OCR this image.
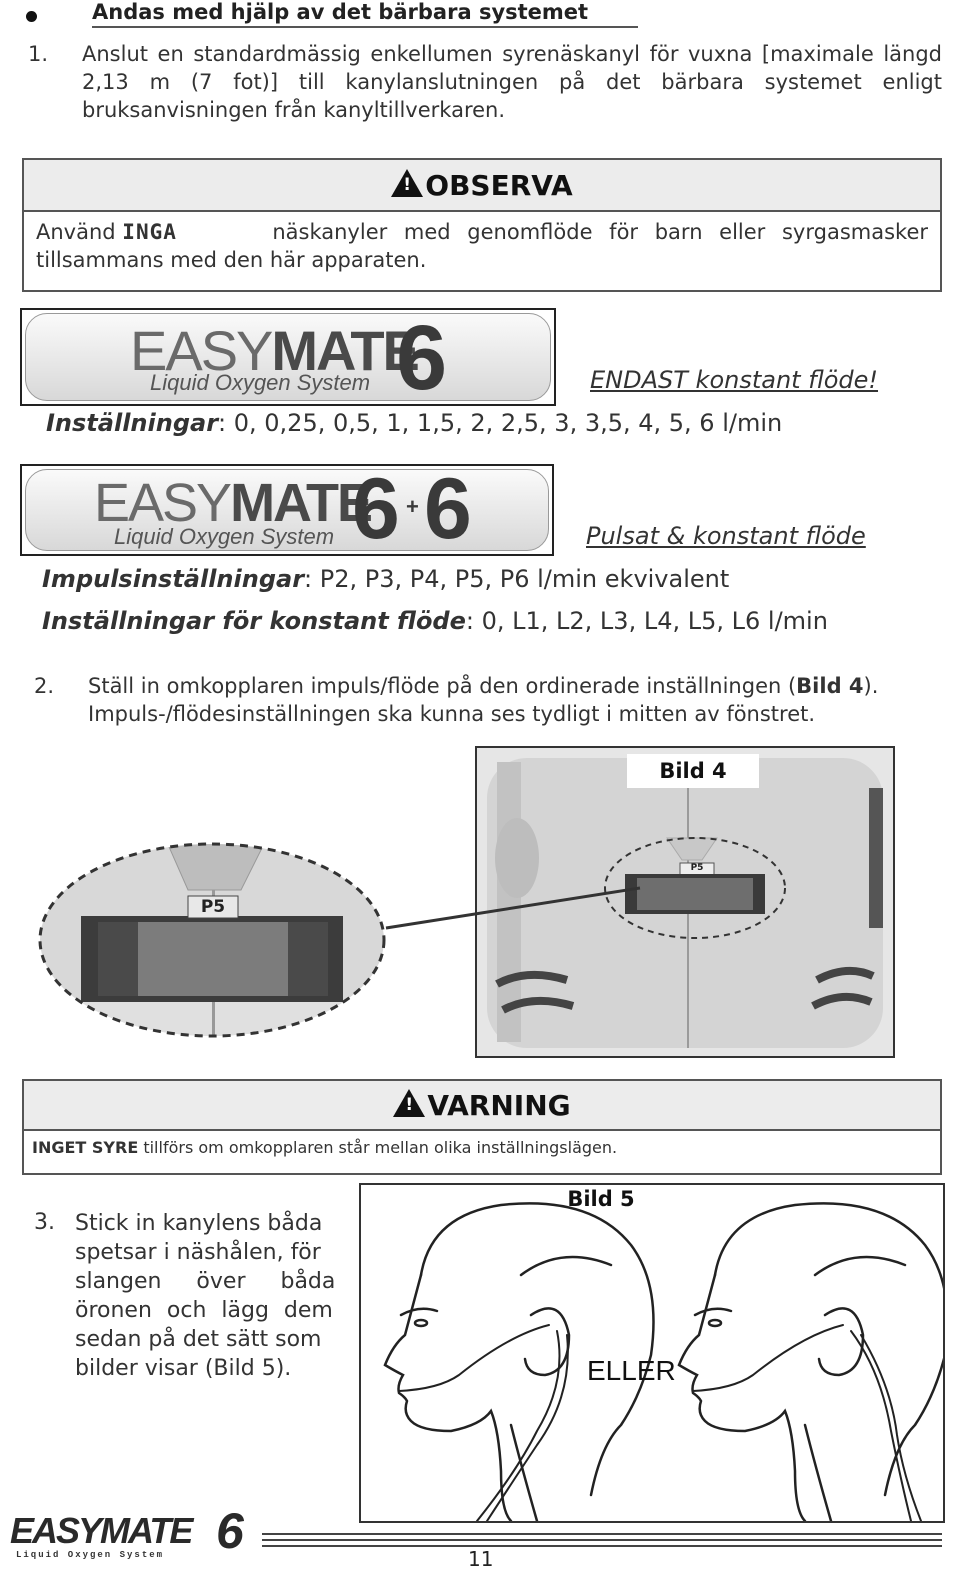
Andas med hjälp av det bärbara systemet
1. Anslut en standardmässig enkellumen syrenäskanyl för vuxna [maximale längd 2,13 m (7 fot)] till kanylanslutningen på det bärbara systemet enligt bruksanvisningen från kanyltillverkaren.
!OBSERVA
Använd INGA	näskanyler med genomflöde för barn eller syrgasmasker
tillsammans med den här apparaten.
EASYMATE
6
Liquid Oxygen System	ENDAST konstant flöde!
Inställningar: 0, 0,25, 0,5, 1, 1,5, 2, 2,5, 3, 3,5, 4, 5, 6 l/min
EASYMATE
6 + 6
Liquid Oxygen System	Pulsat & konstant flöde
Impulsinställningar: P2, P3, P4, P5, P6 l/min ekvivalent
Inställningar för konstant flöde: 0, L1, L2, L3, L4, L5, L6 l/min
2. Ställ in omkopplaren impuls/flöde på den ordinerade inställningen (Bild 4).
Impuls-/flödesinställningen ska kunna ses tydligt i mitten av fönstret.
Bild 4
P5
P5
!VARNING
INGET SYRE tillförs om omkopplaren står mellan olika inställningslägen.
3. Stick in kanylens båda
spetsar i näshålen, för
slangen över båda
öronen och lägg dem
sedan på det sätt som
bilder visar (Bild 5).
Bild 5
ELLER
EASYMATE 6
Liquid Oxygen System	11
